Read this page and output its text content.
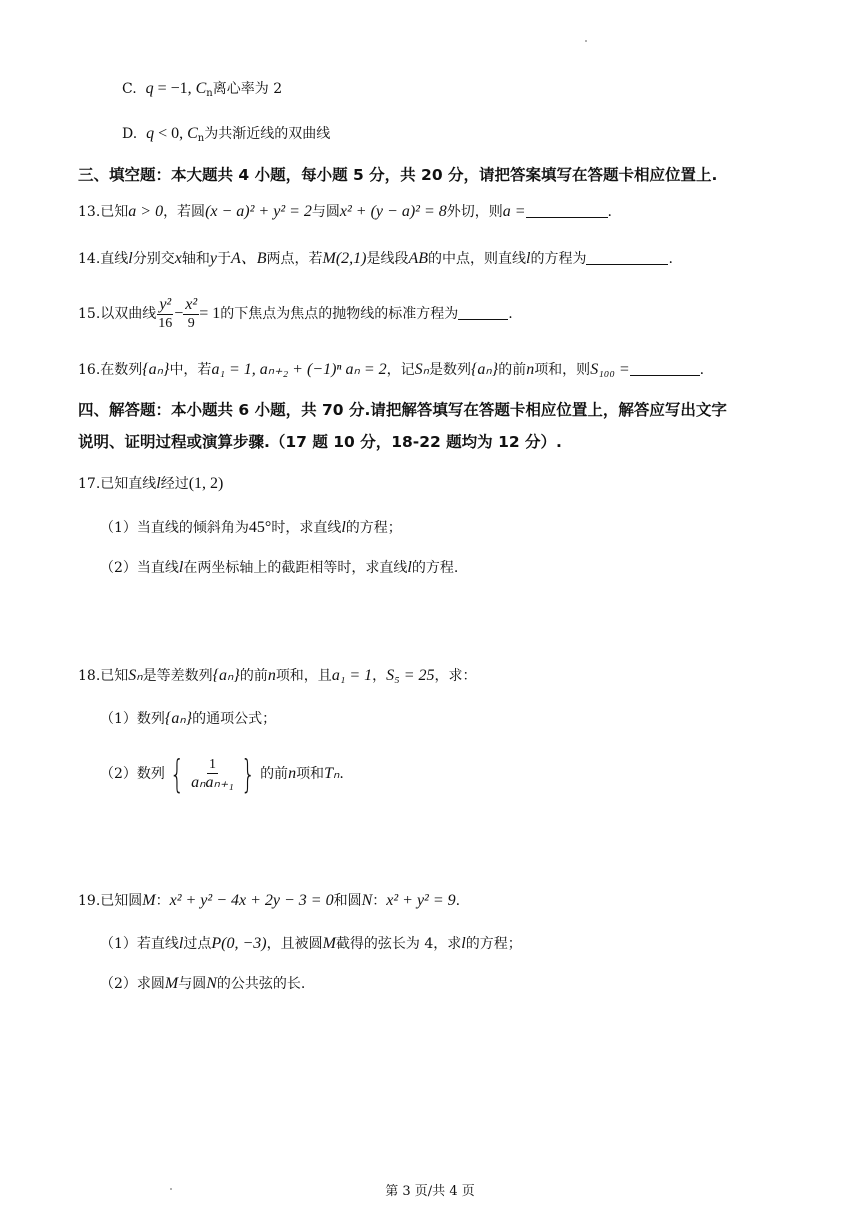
C. q = −1, $C_n$离心率为 2
D. q < 0, $C_n$为共渐近线的双曲线
三、填空题：本大题共 4 小题，每小题 5 分，共 20 分，请把答案填写在答题卡相应位置上.
13.已知a > 0，若圆(x − a)² + y² = 2与圆x² + (y − a)² = 8外切，则a =	.
14.直线l分别交x轴和y于A、B两点，若M(2,1)是线段AB的中点，则直线l的方程为	.
15.以双曲线 $\frac{\text{y²}}{16} - \frac{\text{x²}}{9} = 1$的下焦点为焦点的抛物线的标准方程为	.
16.在数列{aₙ}中，若a₁ = 1, aₙ₊₂ + (−1)ⁿ aₙ = 2，记Sₙ是数列{aₙ}的前n项和，则S₁₀₀ =	.
四、解答题：本小题共 6 小题，共 70 分.请把解答填写在答题卡相应位置上，解答应写出文字
说明、证明过程或演算步骤.（17 题 10 分，18-22 题均为 12 分）.
17.已知直线l经过(1, 2)
（1）当直线的倾斜角为45°时，求直线l的方程；
（2）当直线l在两坐标轴上的截距相等时，求直线l的方程.
18.已知Sₙ是等差数列{aₙ}的前n项和，且a₁ = 1，S₅ = 25，求：
（1）数列{aₙ}的通项公式；
（2）数列 { $\frac{1}{\text{aₙaₙ₊₁}}$ } 的前n项和Tₙ.
19.已知圆M：x² + y² − 4x + 2y − 3 = 0和圆N：x² + y² = 9.
（1）若直线l过点P(0, −3)，且被圆M截得的弦长为 4，求l的方程；
（2）求圆M与圆N的公共弦的长.
第 3 页/共 4 页
